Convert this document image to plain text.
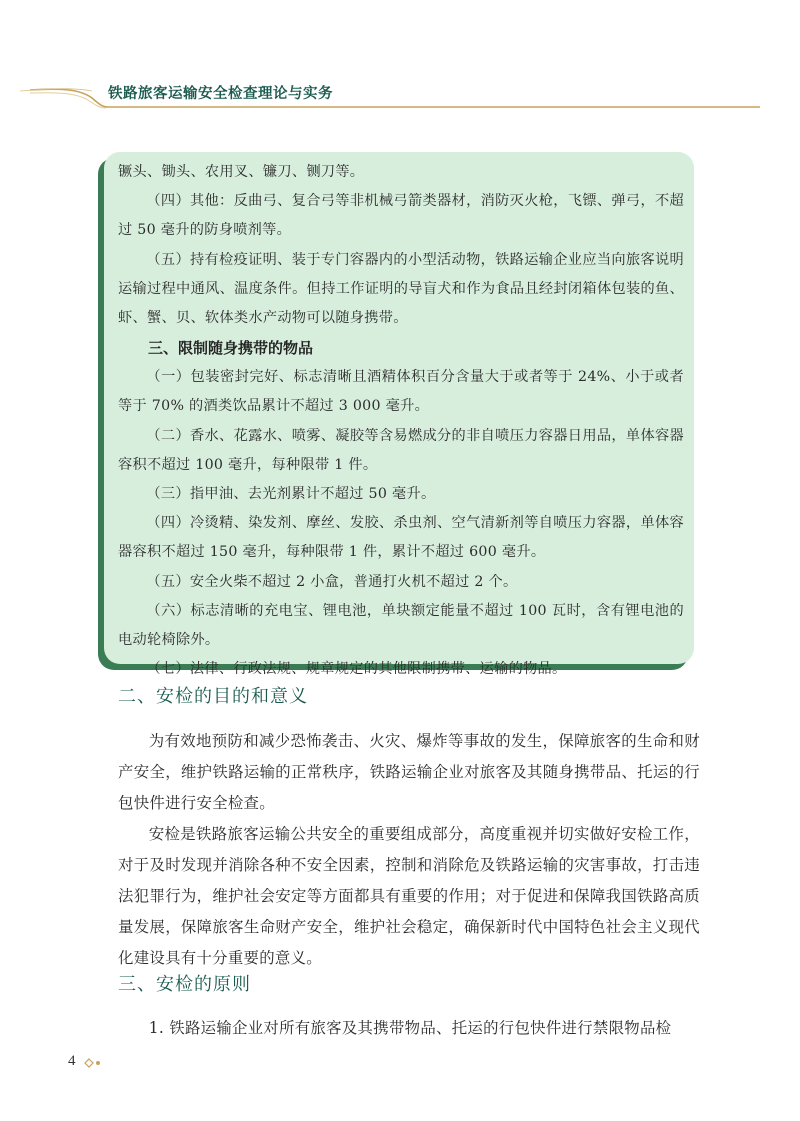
铁路旅客运输安全检查理论与实务

镢头、锄头、农用叉、镰刀、铡刀等。

（四）其他：反曲弓、复合弓等非机械弓箭类器材，消防灭火枪，飞镖、弹弓，不超过 50 毫升的防身喷剂等。

（五）持有检疫证明、装于专门容器内的小型活动物，铁路运输企业应当向旅客说明运输过程中通风、温度条件。但持工作证明的导盲犬和作为食品且经封闭箱体包装的鱼、虾、蟹、贝、软体类水产动物可以随身携带。

三、限制随身携带的物品

（一）包装密封完好、标志清晰且酒精体积百分含量大于或者等于 24%、小于或者等于 70% 的酒类饮品累计不超过 3 000 毫升。

（二）香水、花露水、喷雾、凝胶等含易燃成分的非自喷压力容器日用品，单体容器容积不超过 100 毫升，每种限带 1 件。

（三）指甲油、去光剂累计不超过 50 毫升。

（四）冷烫精、染发剂、摩丝、发胶、杀虫剂、空气清新剂等自喷压力容器，单体容器容积不超过 150 毫升，每种限带 1 件，累计不超过 600 毫升。

（五）安全火柴不超过 2 小盒，普通打火机不超过 2 个。

（六）标志清晰的充电宝、锂电池，单块额定能量不超过 100 瓦时，含有锂电池的电动轮椅除外。

（七）法律、行政法规、规章规定的其他限制携带、运输的物品。

二、安检的目的和意义

为有效地预防和减少恐怖袭击、火灾、爆炸等事故的发生，保障旅客的生命和财产安全，维护铁路运输的正常秩序，铁路运输企业对旅客及其随身携带品、托运的行包快件进行安全检查。

安检是铁路旅客运输公共安全的重要组成部分，高度重视并切实做好安检工作，对于及时发现并消除各种不安全因素，控制和消除危及铁路运输的灾害事故，打击违法犯罪行为，维护社会安定等方面都具有重要的作用；对于促进和保障我国铁路高质量发展，保障旅客生命财产安全，维护社会稳定，确保新时代中国特色社会主义现代化建设具有十分重要的意义。

三、安检的原则

1. 铁路运输企业对所有旅客及其携带物品、托运的行包快件进行禁限物品检

4
